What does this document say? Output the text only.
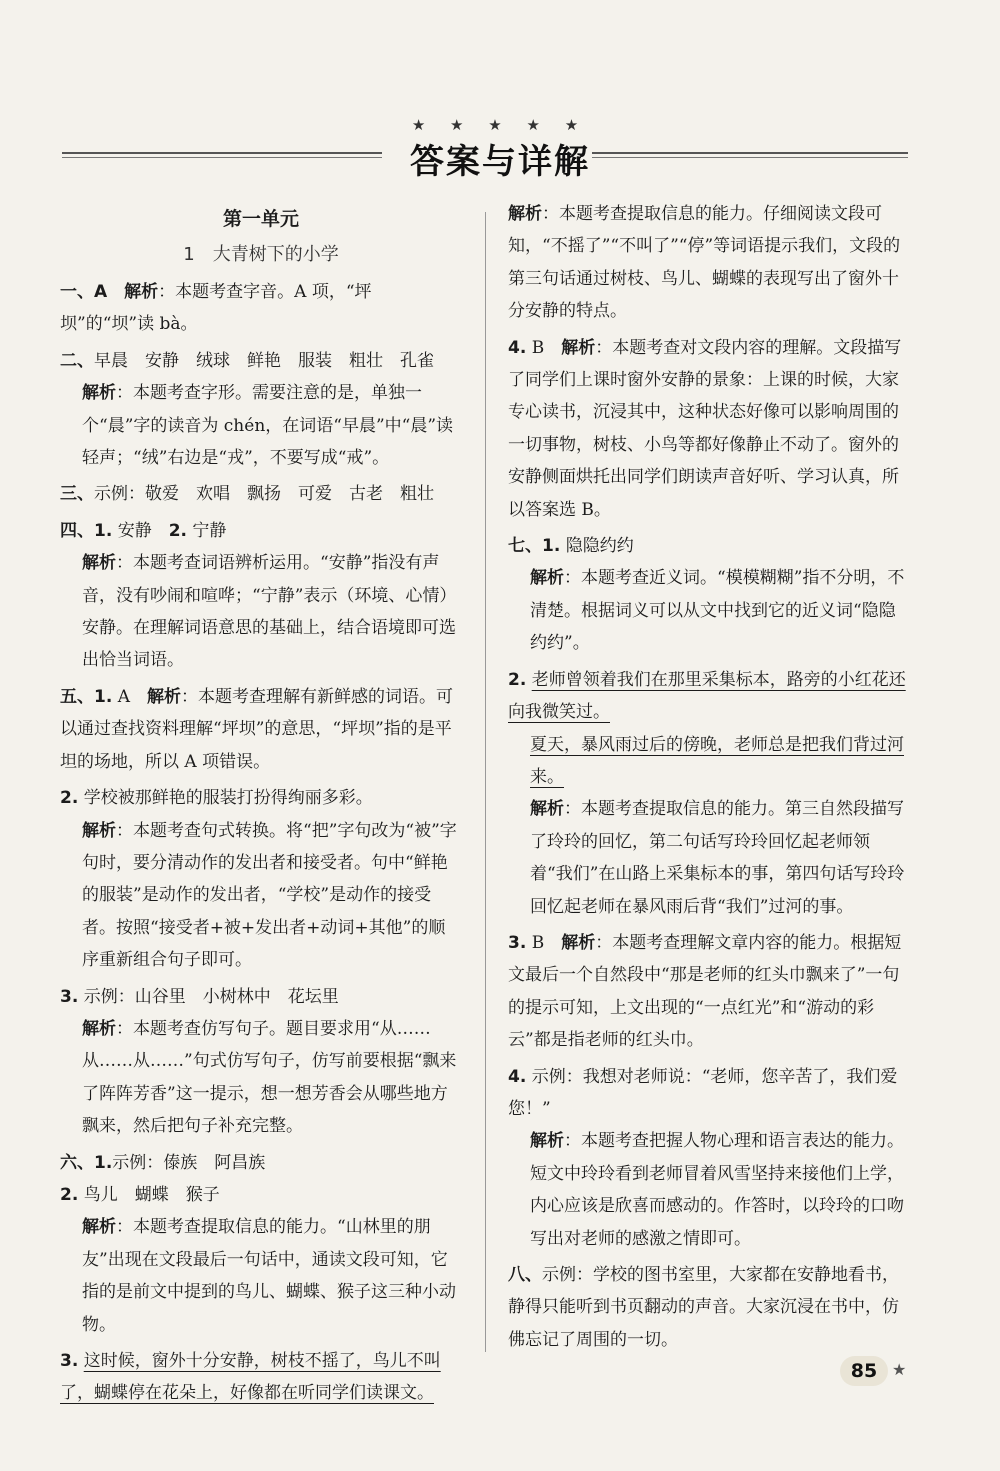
★ ★ ★ ★ ★
答案与详解
第一单元
1　大青树下的小学

一、A　 解析：本题考查字音。A 项，“坪坝”的“坝”读 bà。

二、早晨　安静　绒球　鲜艳　服装　粗壮　孔雀

解析：本题考查字形。需要注意的是，单独一个“晨”字的读音为 chén，在词语“早晨”中“晨”读轻声；“绒”右边是“戎”，不要写成“戒”。

三、示例：敬爱　欢唱　飘扬　可爱　古老　粗壮

四、1. 安静　 2. 宁静

解析：本题考查词语辨析运用。“安静”指没有声音，没有吵闹和喧哗；“宁静”表示（环境、心情）安静。在理解词语意思的基础上，结合语境即可选出恰当词语。

五、1. A　 解析：本题考查理解有新鲜感的词语。可以通过查找资料理解“坪坝”的意思，“坪坝”指的是平坦的场地，所以 A 项错误。

2. 学校被那鲜艳的服装打扮得绚丽多彩。

解析：本题考查句式转换。将“把”字句改为“被”字句时，要分清动作的发出者和接受者。句中“鲜艳的服装”是动作的发出者，“学校”是动作的接受者。按照“接受者+被+发出者+动词+其他”的顺序重新组合句子即可。

3. 示例：山谷里　小树林中　花坛里

解析：本题考查仿写句子。题目要求用“从……从……从……”句式仿写句子，仿写前要根据“飘来了阵阵芳香”这一提示，想一想芳香会从哪些地方飘来，然后把句子补充完整。

六、1.示例：傣族　阿昌族

2. 鸟儿　蝴蝶　猴子

解析：本题考查提取信息的能力。“山林里的朋友”出现在文段最后一句话中，通读文段可知，它指的是前文中提到的鸟儿、蝴蝶、猴子这三种小动物。

3. 这时候，窗外十分安静，树枝不摇了，鸟儿不叫了，蝴蝶停在花朵上，好像都在听同学们读课文。

解析：本题考查提取信息的能力。仔细阅读文段可知，“不摇了”“不叫了”“停”等词语提示我们，文段的第三句话通过树枝、鸟儿、蝴蝶的表现写出了窗外十分安静的特点。

4. B　 解析：本题考查对文段内容的理解。文段描写了同学们上课时窗外安静的景象：上课的时候，大家专心读书，沉浸其中，这种状态好像可以影响周围的一切事物，树枝、小鸟等都好像静止不动了。窗外的安静侧面烘托出同学们朗读声音好听、学习认真，所以答案选 B。

七、1. 隐隐约约

解析：本题考查近义词。“模模糊糊”指不分明，不清楚。根据词义可以从文中找到它的近义词“隐隐约约”。

2. 老师曾领着我们在那里采集标本，路旁的小红花还向我微笑过。

夏天，暴风雨过后的傍晚，老师总是把我们背过河来。

解析：本题考查提取信息的能力。第三自然段描写了玲玲的回忆，第二句话写玲玲回忆起老师领着“我们”在山路上采集标本的事，第四句话写玲玲回忆起老师在暴风雨后背“我们”过河的事。

3. B　 解析：本题考查理解文章内容的能力。根据短文最后一个自然段中“那是老师的红头巾飘来了”一句的提示可知，上文出现的“一点红光”和“游动的彩云”都是指老师的红头巾。

4. 示例：我想对老师说：“老师，您辛苦了，我们爱您！”

解析：本题考查把握人物心理和语言表达的能力。短文中玲玲看到老师冒着风雪坚持来接他们上学，内心应该是欣喜而感动的。作答时，以玲玲的口吻写出对老师的感激之情即可。

八、示例：学校的图书室里，大家都在安静地看书，静得只能听到书页翻动的声音。大家沉浸在书中，仿佛忘记了周围的一切。

85 ★
